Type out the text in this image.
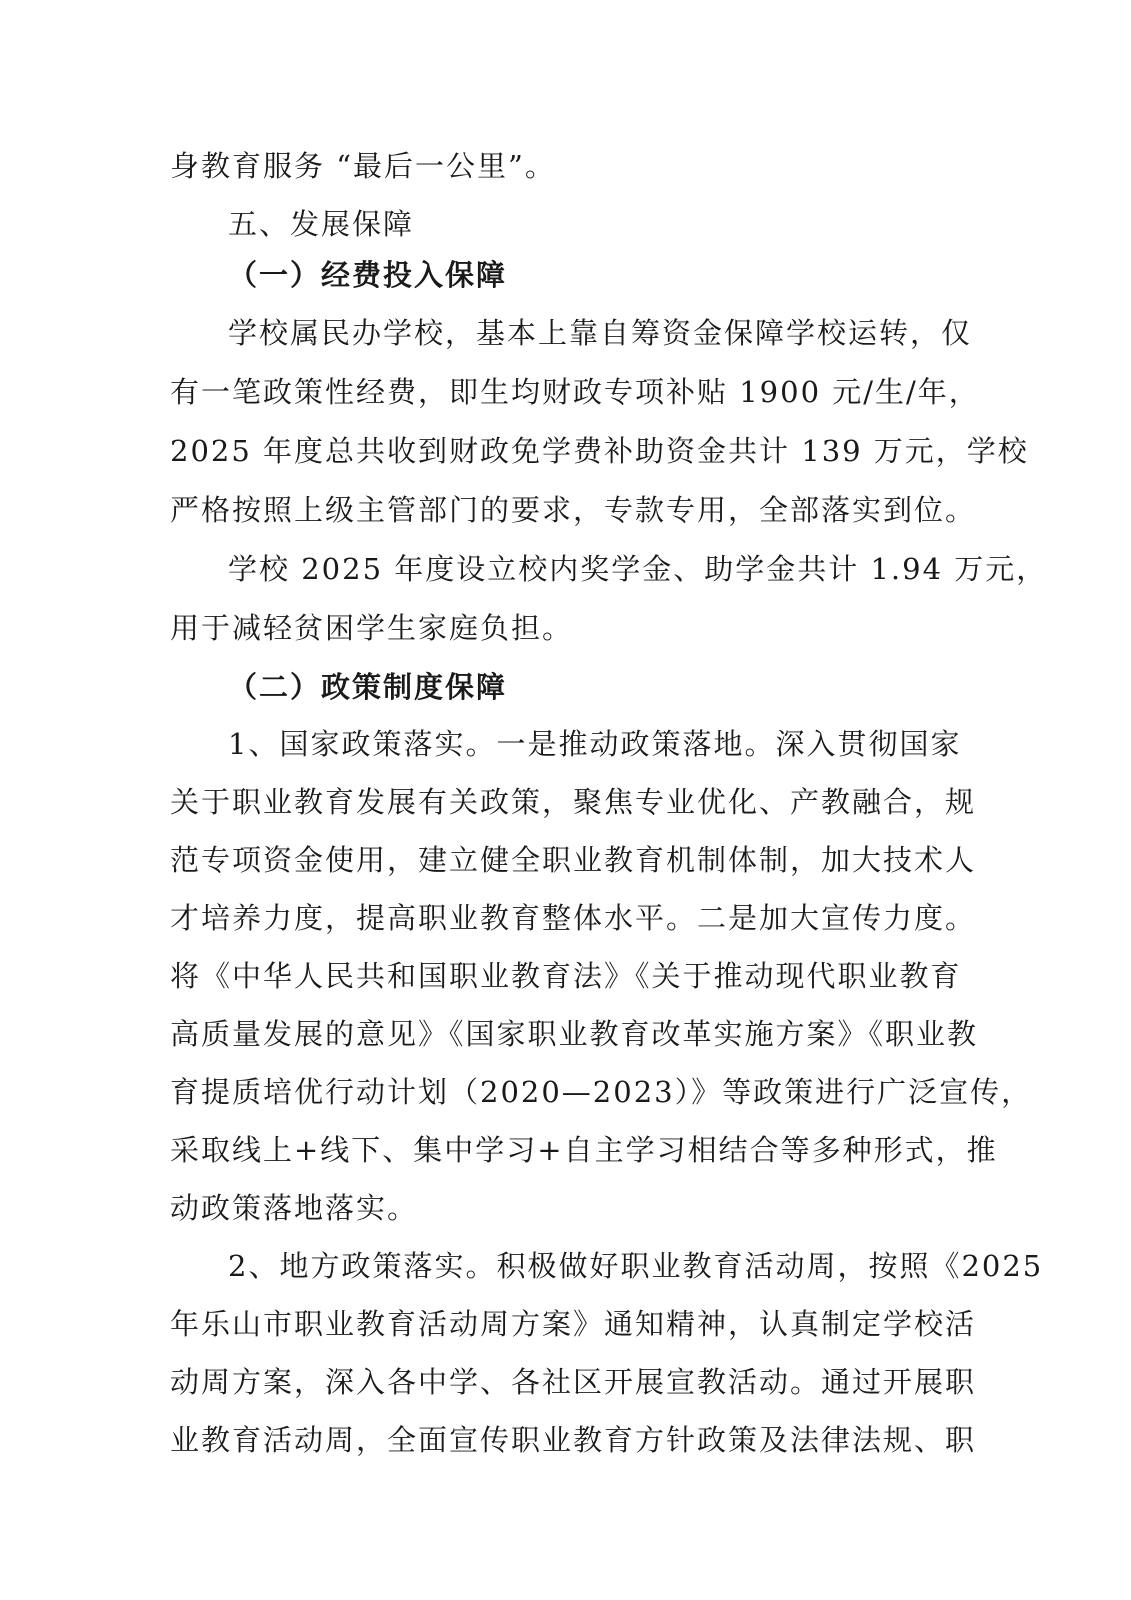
身教育服务 “最后一公里”。
五、发展保障
（一）经费投入保障
学校属民办学校，基本上靠自筹资金保障学校运转，仅
有一笔政策性经费，即生均财政专项补贴 1900 元/生/年，
2025 年度总共收到财政免学费补助资金共计 139 万元，学校
严格按照上级主管部门的要求，专款专用，全部落实到位。
学校 2025 年度设立校内奖学金、助学金共计 1.94 万元，
用于减轻贫困学生家庭负担。
（二）政策制度保障
1、国家政策落实。一是推动政策落地。深入贯彻国家
关于职业教育发展有关政策，聚焦专业优化、产教融合，规
范专项资金使用，建立健全职业教育机制体制，加大技术人
才培养力度，提高职业教育整体水平。二是加大宣传力度。
将《中华人民共和国职业教育法》《关于推动现代职业教育
高质量发展的意见》《国家职业教育改革实施方案》《职业教
育提质培优行动计划（2020—2023）》等政策进行广泛宣传，
采取线上+线下、集中学习+自主学习相结合等多种形式，推
动政策落地落实。
2、地方政策落实。积极做好职业教育活动周，按照《2025
年乐山市职业教育活动周方案》通知精神，认真制定学校活
动周方案，深入各中学、各社区开展宣教活动。通过开展职
业教育活动周，全面宣传职业教育方针政策及法律法规、职
